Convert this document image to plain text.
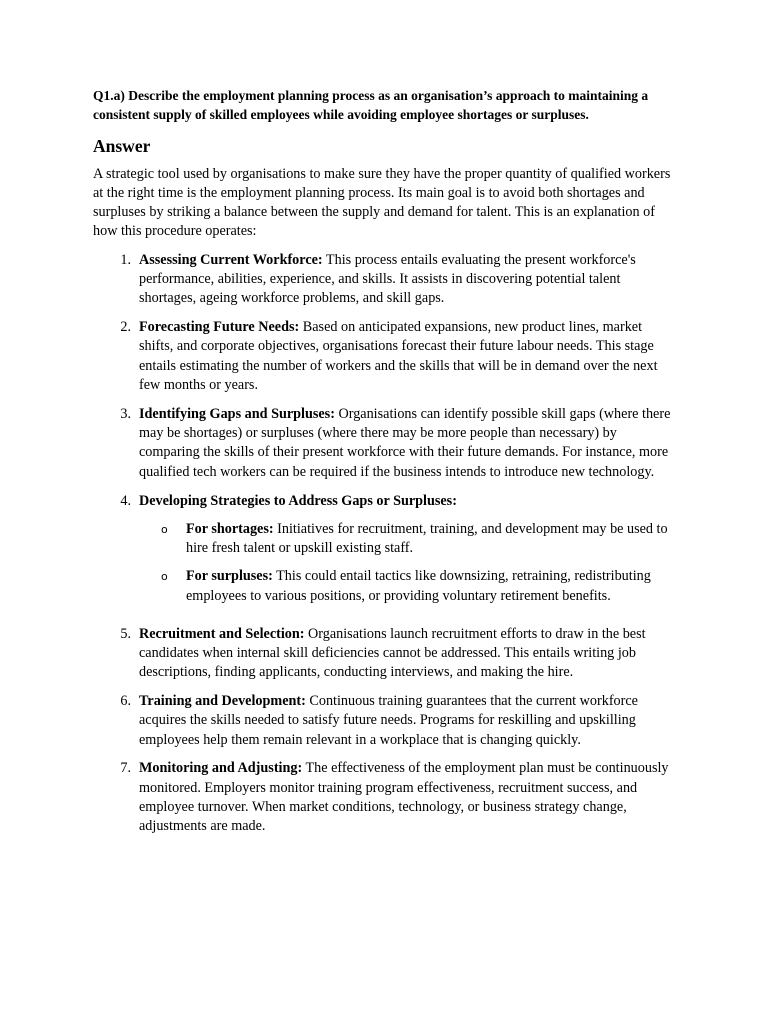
Q1.a) Describe the employment planning process as an organisation’s approach to maintaining a consistent supply of skilled employees while avoiding employee shortages or surpluses.

Answer

A strategic tool used by organisations to make sure they have the proper quantity of qualified workers at the right time is the employment planning process. Its main goal is to avoid both shortages and surpluses by striking a balance between the supply and demand for talent. This is an explanation of how this procedure operates:

1. Assessing Current Workforce: This process entails evaluating the present workforce's performance, abilities, experience, and skills. It assists in discovering potential talent shortages, ageing workforce problems, and skill gaps.
2. Forecasting Future Needs: Based on anticipated expansions, new product lines, market shifts, and corporate objectives, organisations forecast their future labour needs. This stage entails estimating the number of workers and the skills that will be in demand over the next few months or years.
3. Identifying Gaps and Surpluses: Organisations can identify possible skill gaps (where there may be shortages) or surpluses (where there may be more people than necessary) by comparing the skills of their present workforce with their future demands. For instance, more qualified tech workers can be required if the business intends to introduce new technology.
4. Developing Strategies to Address Gaps or Surpluses:
o	For shortages: Initiatives for recruitment, training, and development may be used to hire fresh talent or upskill existing staff.
o	For surpluses: This could entail tactics like downsizing, retraining, redistributing employees to various positions, or providing voluntary retirement benefits.
5. Recruitment and Selection: Organisations launch recruitment efforts to draw in the best candidates when internal skill deficiencies cannot be addressed. This entails writing job descriptions, finding applicants, conducting interviews, and making the hire.
6. Training and Development: Continuous training guarantees that the current workforce acquires the skills needed to satisfy future needs. Programs for reskilling and upskilling employees help them remain relevant in a workplace that is changing quickly.
7. Monitoring and Adjusting: The effectiveness of the employment plan must be continuously monitored. Employers monitor training program effectiveness, recruitment success, and employee turnover. When market conditions, technology, or business strategy change, adjustments are made.
